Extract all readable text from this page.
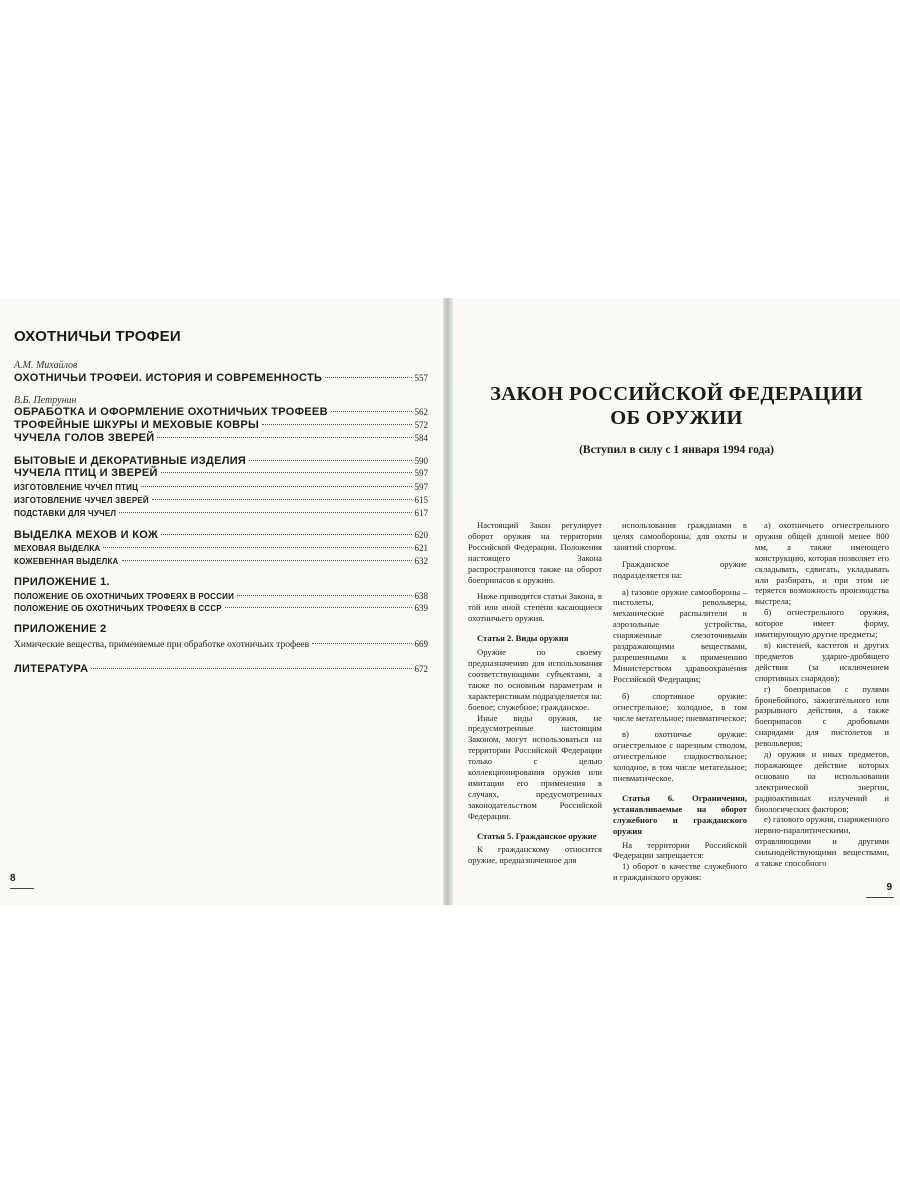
ОХОТНИЧЬИ ТРОФЕИ
А.М. Михайлов
ОХОТНИЧЬИ ТРОФЕИ. ИСТОРИЯ И СОВРЕМЕННОСТЬ	557
В.Б. Петрунин
ОБРАБОТКА И ОФОРМЛЕНИЕ ОХОТНИЧЬИХ ТРОФЕЕВ	562
ТРОФЕЙНЫЕ ШКУРЫ И МЕХОВЫЕ КОВРЫ	572
ЧУЧЕЛА ГОЛОВ ЗВЕРЕЙ	584
БЫТОВЫЕ И ДЕКОРАТИВНЫЕ ИЗДЕЛИЯ	590
ЧУЧЕЛА ПТИЦ И ЗВЕРЕЙ	597
ИЗГОТОВЛЕНИЕ ЧУЧЕЛ ПТИЦ	597
ИЗГОТОВЛЕНИЕ ЧУЧЕЛ ЗВЕРЕЙ	615
ПОДСТАВКИ ДЛЯ ЧУЧЕЛ	617
ВЫДЕЛКА МЕХОВ И КОЖ	620
МЕХОВАЯ ВЫДЕЛКА	621
КОЖЕВЕННАЯ ВЫДЕЛКА	632
ПРИЛОЖЕНИЕ 1.
ПОЛОЖЕНИЕ ОБ ОХОТНИЧЬИХ ТРОФЕЯХ В РОССИИ	638
ПОЛОЖЕНИЕ ОБ ОХОТНИЧЬИХ ТРОФЕЯХ В СССР	639
ПРИЛОЖЕНИЕ 2
Химические вещества, применяемые при обработке охотничьих трофеев	669
ЛИТЕРАТУРА	672
8
ЗАКОН РОССИЙСКОЙ ФЕДЕРАЦИИ
ОБ ОРУЖИИ
(Вступил в силу с 1 января 1994 года)

Настоящий Закон регулирует оборот оружия на территории Российской Федерации. Положения настоящего Закона распространяются также на оборот боеприпасов к оружию.

Ниже приводятся статьи Закона, в той или иной степени касающиеся охотничьего оружия.

Статья 2. Виды оружия

Оружие по своему предназначению для использования соответствующими субъектами, а также по основным параметрам и характеристикам подразделяется на: боевое; служебное; гражданское.

Иные виды оружия, не предусмотренные настоящим Законом, могут использоваться на территории Российской Федерации только с целью коллекционирования оружия или имитации его применения в случаях, предусмотренных законодательством Российской Федерации.

Статья 5. Гражданское оружие

К гражданскому относится оружие, предназначенное для

использования гражданами в целях самообороны, для охоты и занятий спортом.

Гражданское оружие подразделяется на:

а) газовое оружие самообороны – пистолеты, револьверы, механические распылители и аэрозольные устройства, снаряженные слезоточивыми раздражающими веществами, разрешенными к применению Министерством здравоохранения Российской Федерации;

б) спортивное оружие: огнестрельное; холодное, в том числе метательное; пневматическое;

в) охотничье оружие: огнестрельное с нарезным стволом, огнестрельное гладкоствольное; холодное, в том числе метательное; пневматическое.

Статья 6. Ограничения, устанавливаемые на оборот служебного и гражданского оружия

На территории Российской Федерации запрещается:

1) оборот в качестве служебного и гражданского оружия:

а) охотничьего огнестрельного оружия общей длиной менее 800 мм, а также имеющего конструкцию, которая позволяет его складывать, сдвигать, укладывать или разбирать, и при этом не теряется возможность производства выстрела;

б) огнестрельного оружия, которое имеет форму, имитирующую другие предметы;

в) кистеней, кастетов и других предметов ударно-дробящего действия (за исключением спортивных снарядов);

г) боеприпасов с пулями бронебойного, зажигательного или разрывного действия, а также боеприпасов с дробовыми снарядами для пистолетов и револьверов;

д) оружия и иных предметов, поражающее действие которых основано на использовании электрической энергии, радиоактивных излучений и биологических факторов;

е) газового оружия, снаряженного нервно-паралитическими, отравляющими и другими сильнодействующими веществами, а также способного

9
